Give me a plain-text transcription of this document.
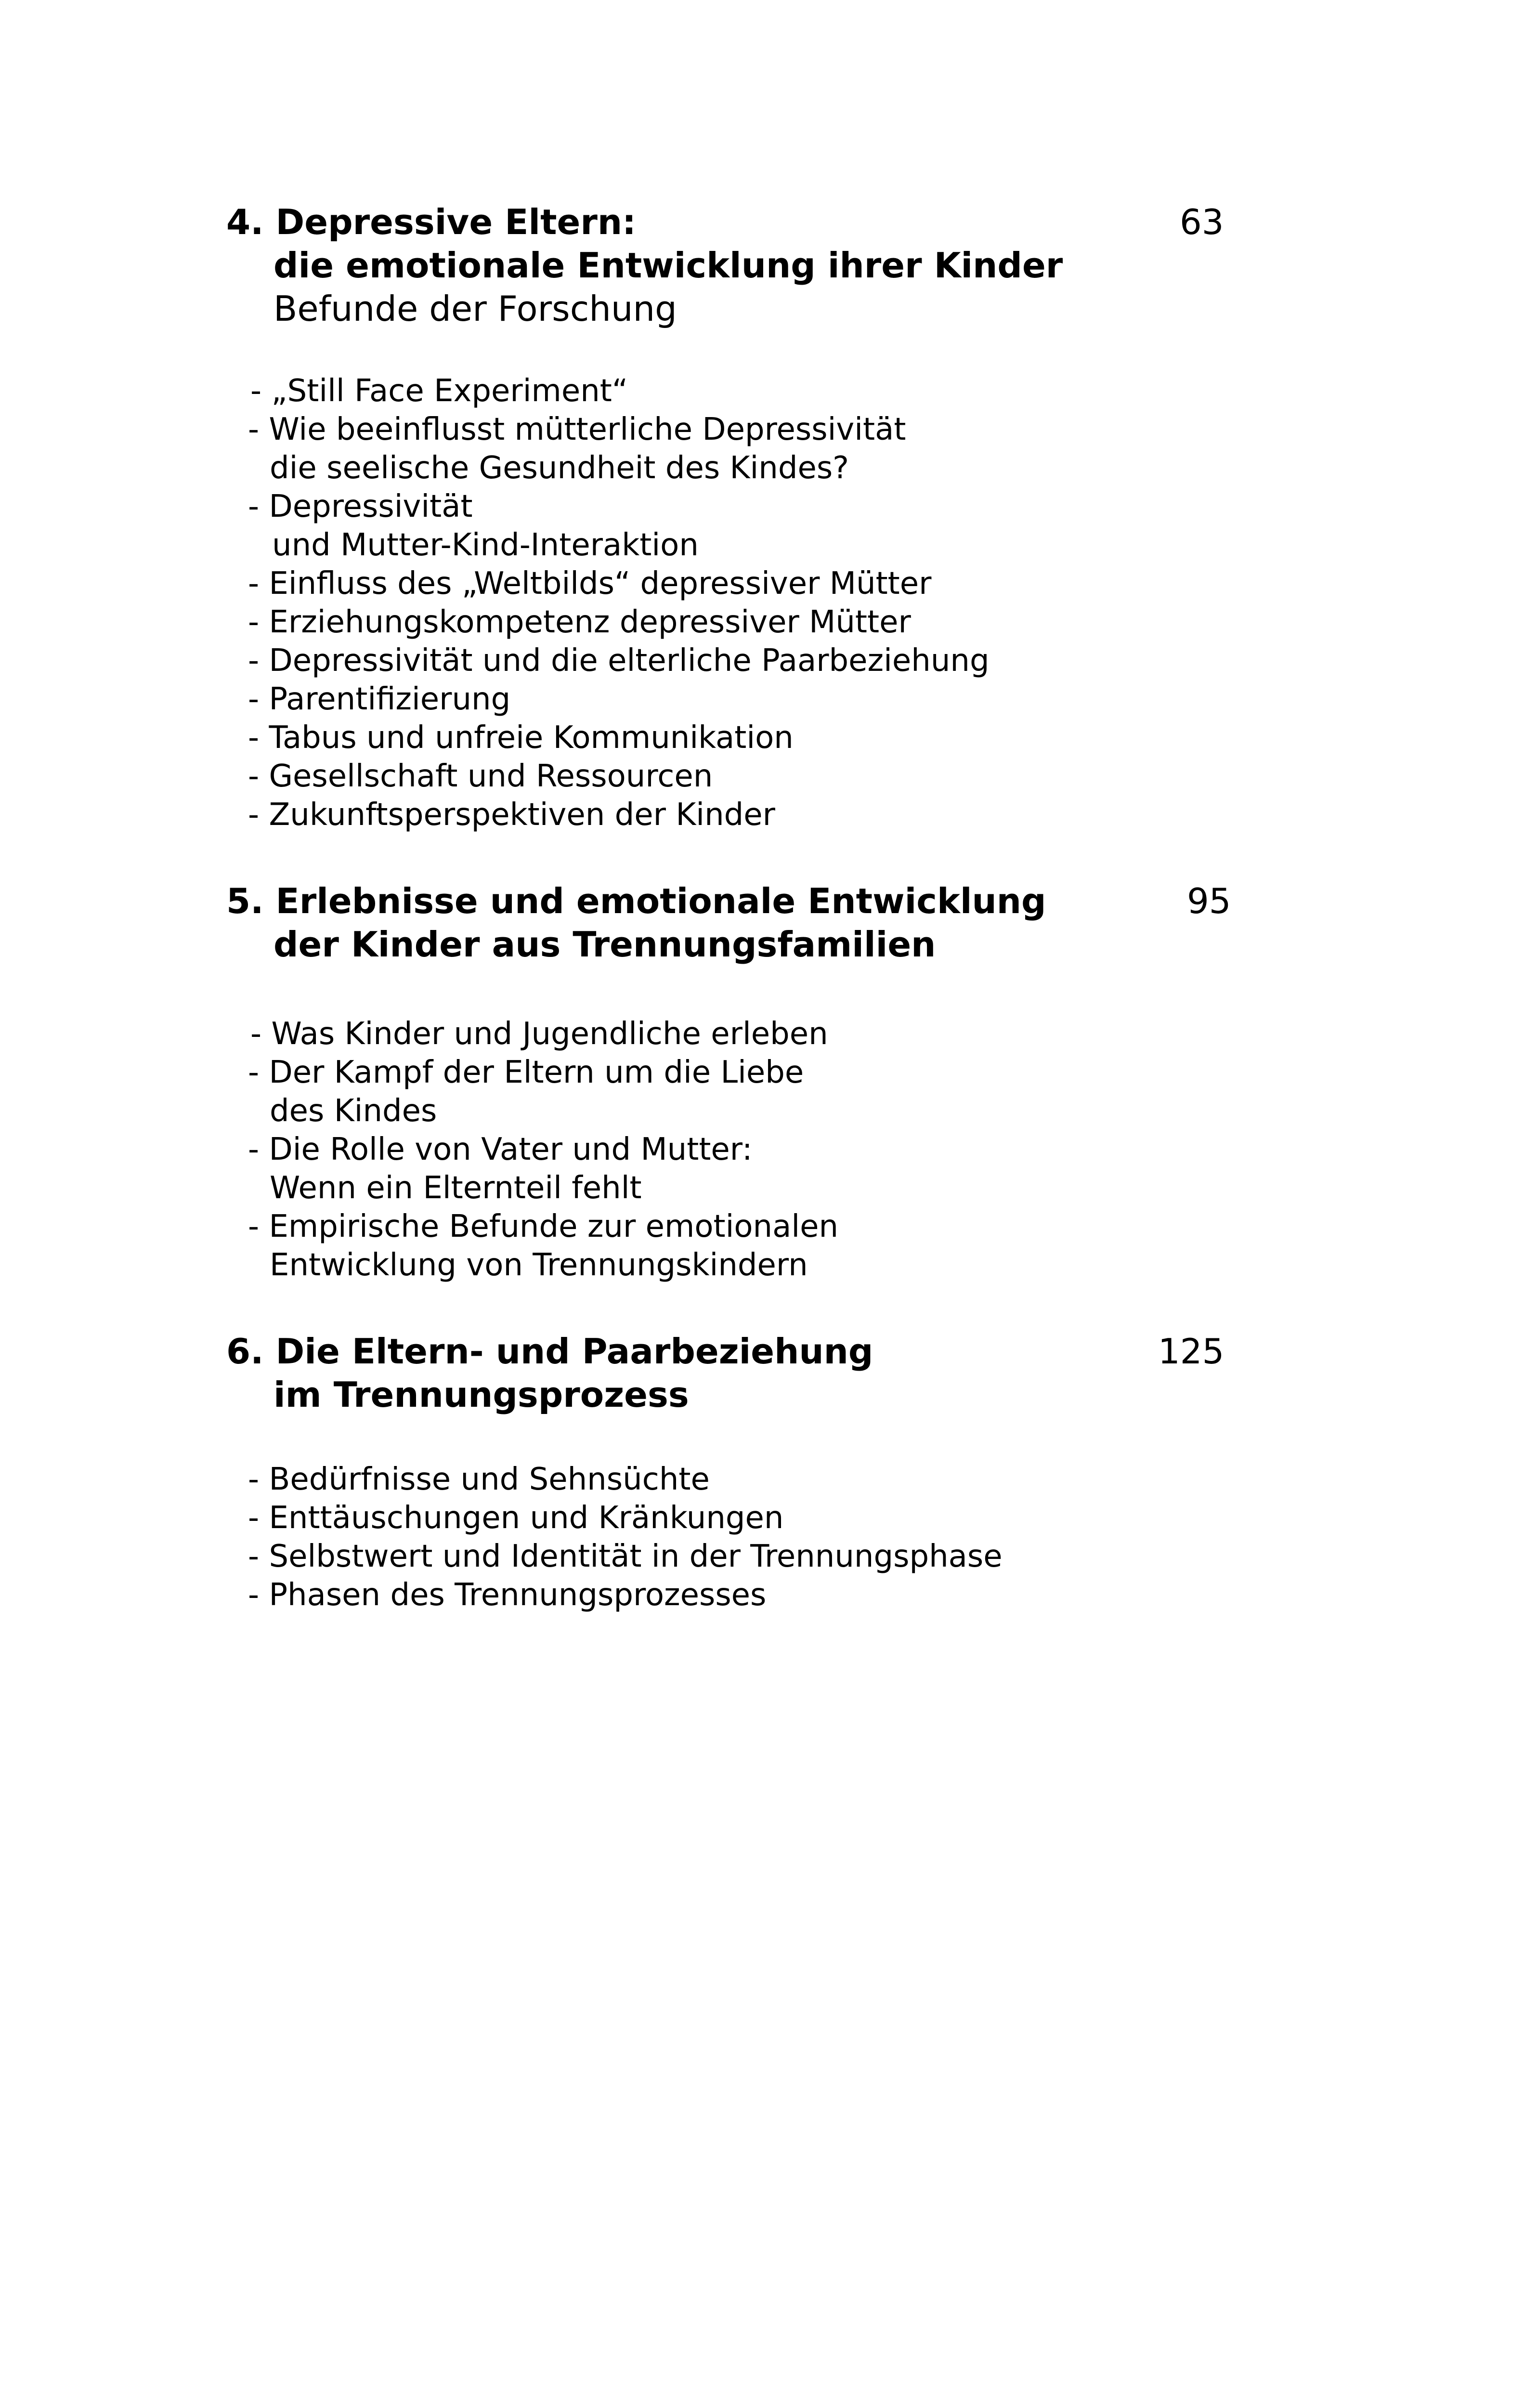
4. Depressive Eltern:	63
die emotionale Entwicklung ihrer Kinder
Befunde der Forschung
- „Still Face Experiment“
- Wie beeinflusst mütterliche Depressivität
die seelische Gesundheit des Kindes?
- Depressivität
und Mutter-Kind-Interaktion
- Einfluss des „Weltbilds“ depressiver Mütter
- Erziehungskompetenz depressiver Mütter
- Depressivität und die elterliche Paarbeziehung
- Parentifizierung
- Tabus und unfreie Kommunikation
- Gesellschaft und Ressourcen
- Zukunftsperspektiven der Kinder
5. Erlebnisse und emotionale Entwicklung	95
der Kinder aus Trennungsfamilien
- Was Kinder und Jugendliche erleben
- Der Kampf der Eltern um die Liebe
des Kindes
- Die Rolle von Vater und Mutter:
Wenn ein Elternteil fehlt
- Empirische Befunde zur emotionalen
Entwicklung von Trennungskindern
6. Die Eltern- und Paarbeziehung	125
im Trennungsprozess
- Bedürfnisse und Sehnsüchte
- Enttäuschungen und Kränkungen
- Selbstwert und Identität in der Trennungsphase
- Phasen des Trennungsprozesses
